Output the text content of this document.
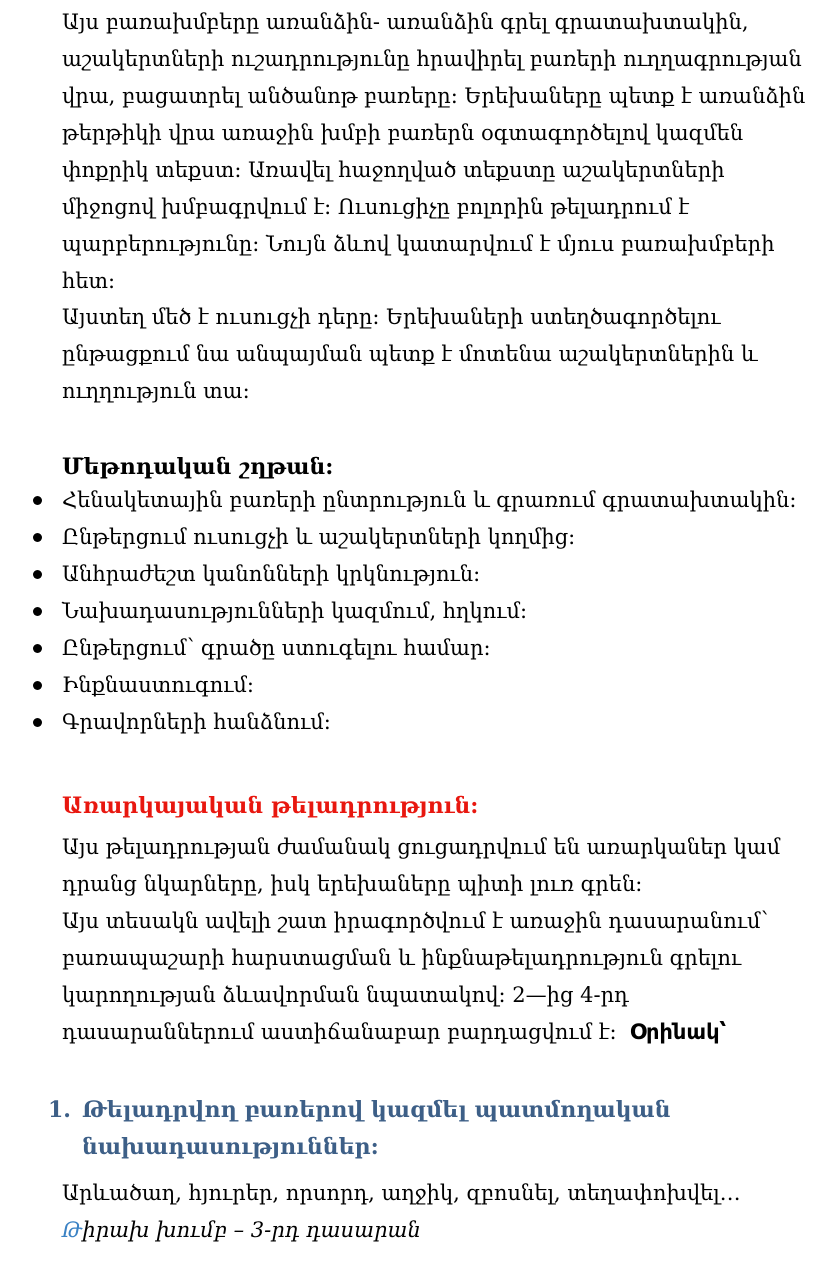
Այս բառախմբերը առանձին- առանձին գրել գրատախտակին,
աշակերտների ուշադրությունը հրավիրել բառերի ուղղագրության
վրա, բացատրել անծանոթ բառերը: Երեխաները պետք է առանձին
թերթիկի վրա առաջին խմբի բառերն օգտագործելով կազմեն
փոքրիկ տեքստ: Առավել հաջողված տեքստը աշակերտների
միջոցով խմբագրվում է: Ուսուցիչը բոլորին թելադրում է
պարբերությունը: Նույն ձևով կատարվում է մյուս բառախմբերի
հետ:
Այստեղ մեծ է ուսուցչի դերը: Երեխաների ստեղծագործելու
ընթացքում նա անպայման պետք է մոտենա աշակերտներին և
ուղղություն տա:
Մեթոդական շղթան:
Հենակետային բառերի ընտրություն և գրառում գրատախտակին:
Ընթերցում ուսուցչի և աշակերտների կողմից:
Անհրաժեշտ կանոնների կրկնություն:
Նախադասությունների կազմում, հղկում:
Ընթերցում՝ գրածը ստուգելու համար:
Ինքնաստուգում:
Գրավորների հանձնում:
Առարկայական թելադրություն:
Այս թելադրության ժամանակ ցուցադրվում են առարկաներ կամ
դրանց նկարները, իսկ երեխաները պիտի լուռ գրեն:
Այս տեսակն ավելի շատ իրագործվում է առաջին դասարանում՝
բառապաշարի հարստացման և ինքնաթելադրություն գրելու
կարողության ձևավորման նպատակով: 2—ից 4-րդ
դասարաններում աստիճանաբար բարդացվում է:  Օրինակ՝
1. Թելադրվող բառերով կազմել պատմողական
նախադասություններ:
Արևածաղ, հյուրեր, որսորդ, աղջիկ, զբոսնել, տեղափոխվել…
Թիրախ խումբ – 3-րդ դասարան
